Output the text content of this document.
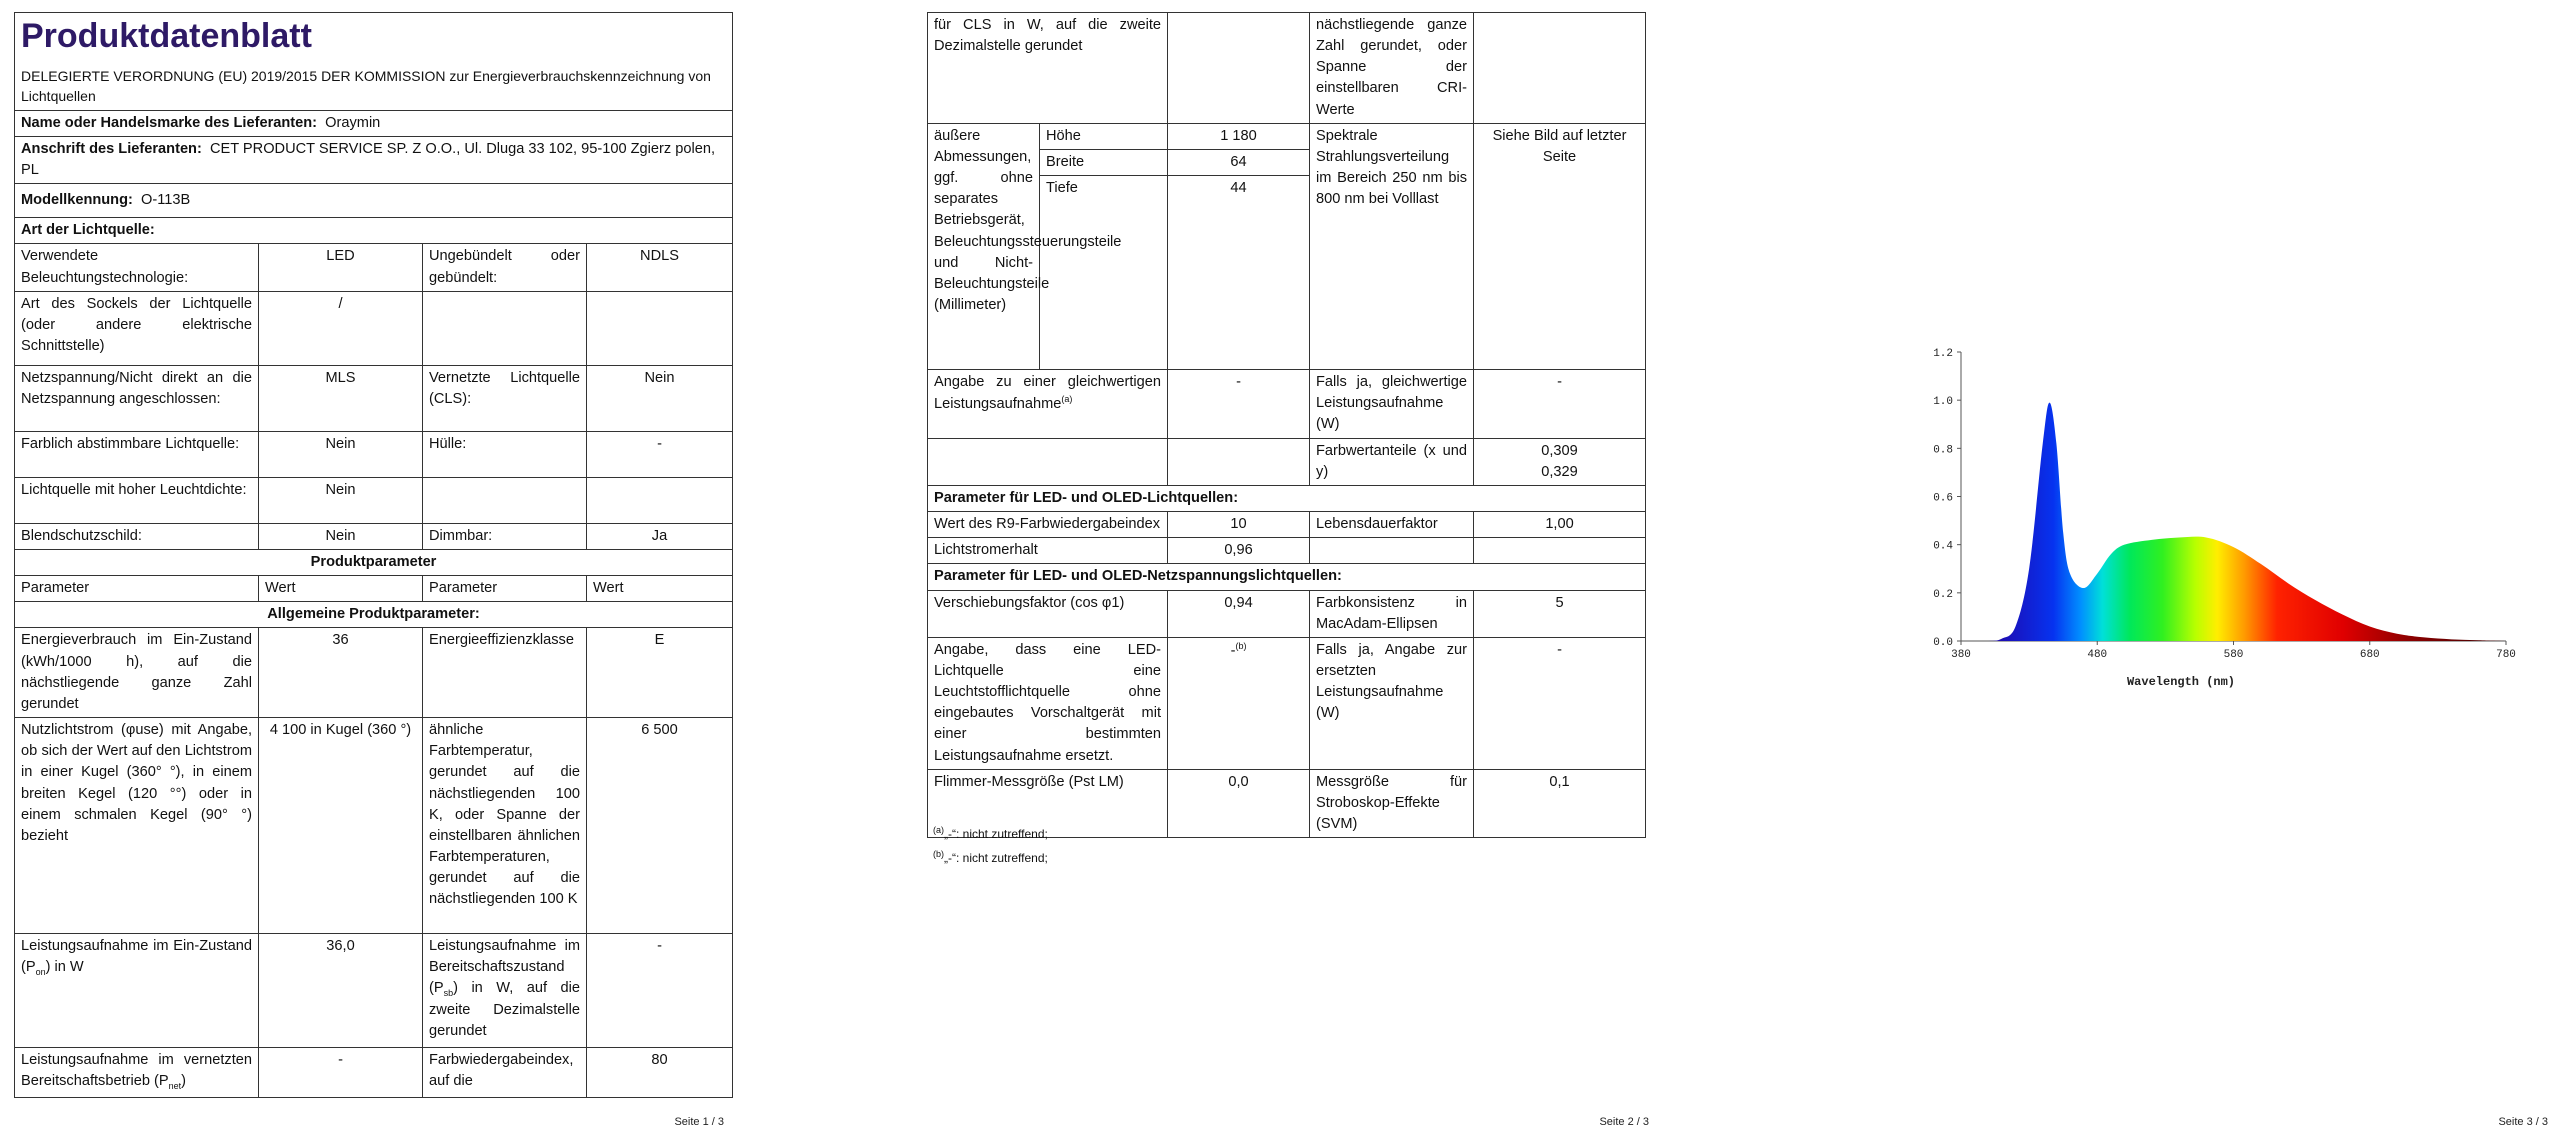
Produktdatenblatt
DELEGIERTE VERORDNUNG (EU) 2019/2015 DER KOMMISSION zur Energieverbrauchskennzeichnung von Lichtquellen			

Name oder Handelsmarke des Lieferanten: Oraymin			
Anschrift des Lieferanten: CET PRODUCT SERVICE SP. Z O.O., Ul. Dluga 33 102, 95-100 Zgierz polen, PL			
Modellkennung: O-113B			
Art der Lichtquelle:			
Verwendete Beleuchtungstechnologie:	LED	Ungebündelt oder gebündelt:	NDLS
Art des Sockels der Lichtquelle (oder andere elektrische Schnittstelle)	/		
Netzspannung/Nicht direkt an die Netzspannung angeschlossen:	MLS	Vernetzte Lichtquelle (CLS):	Nein
Farblich abstimmbare Lichtquelle:	Nein	Hülle:	-
Lichtquelle mit hoher Leuchtdichte:	Nein		
Blendschutzschild:	Nein	Dimmbar:	Ja
Produktparameter			
Parameter	Wert	Parameter	Wert
Allgemeine Produktparameter:			
Energieverbrauch im Ein-Zustand (kWh/1000 h), auf die nächstliegende ganze Zahl gerundet	36	Energieeffizienzklasse	E
Nutzlichtstrom (φuse) mit Angabe, ob sich der Wert auf den Lichtstrom in einer Kugel (360° °), in einem breiten Kegel (120 °°) oder in einem schmalen Kegel (90° °) bezieht	4 100 in Kugel (360 °)	ähnliche Farbtemperatur, gerundet auf die nächstliegenden 100 K, oder Spanne der einstellbaren ähnlichen Farbtemperaturen, gerundet auf die nächstliegenden 100 K	6 500
Leistungsaufnahme im Ein-Zustand $(P_{on})$ in W	36,0	Leistungsaufnahme im Bereitschaftszustand $(P_{sb})$ in W, auf die zweite Dezimalstelle gerundet	-
Leistungsaufnahme im vernetzten Bereitschaftsbetrieb $(P_{net})$	-	Farbwiedergabeindex, auf die	80
Seite 1 / 3
für CLS in W, auf die zweite Dezimalstelle gerundet			nächstliegende ganze Zahl gerundet, oder Spanne der einstellbaren CRI-Werte	
äußere Abmessungen, ggf. ohne separates Betriebsgerät, Beleuchtungssteuerungsteile und Nicht-Beleuchtungsteile (Millimeter)	Höhe	1 180	Spektrale Strahlungsverteilung im Bereich 250 nm bis 800 nm bei Volllast	Siehe Bild auf letzter Seite
	Breite	64		
	Tiefe	44		

Angabe zu einer gleichwertigen Leistungsaufnahme$^{(a)}$		-	Falls ja, gleichwertige Leistungsaufnahme (W)	-
			Farbwertanteile (x und y)	0,309
0,329

Parameter für LED- und OLED-Lichtquellen:				
Wert des R9-Farbwiedergabeindex		10	Lebensdauerfaktor	1,00
Lichtstromerhalt		0,96		
Parameter für LED- und OLED-Netzspannungslichtquellen:				
Verschiebungsfaktor (cos φ1)		0,94	Farbkonsistenz in MacAdam-Ellipsen	5
Angabe, dass eine LED-Lichtquelle eine Leuchtstofflichtquelle ohne eingebautes Vorschaltgerät mit einer bestimmten Leistungsaufnahme ersetzt.		-$^{(b)}$	Falls ja, Angabe zur ersetzten Leistungsaufnahme (W)	-
Flimmer-Messgröße (Pst LM)		0,0	Messgröße für Stroboskop-Effekte (SVM)	0,1
$^{(a)}$„-“: nicht zutreffend;
$^{(b)}$„-“: nicht zutreffend;
Seite 2 / 3
380	480	580	680	780
0.0
0.2
0.4
0.6
0.8
1.0
1.2
Wavelength (nm)
Seite 3 / 3
